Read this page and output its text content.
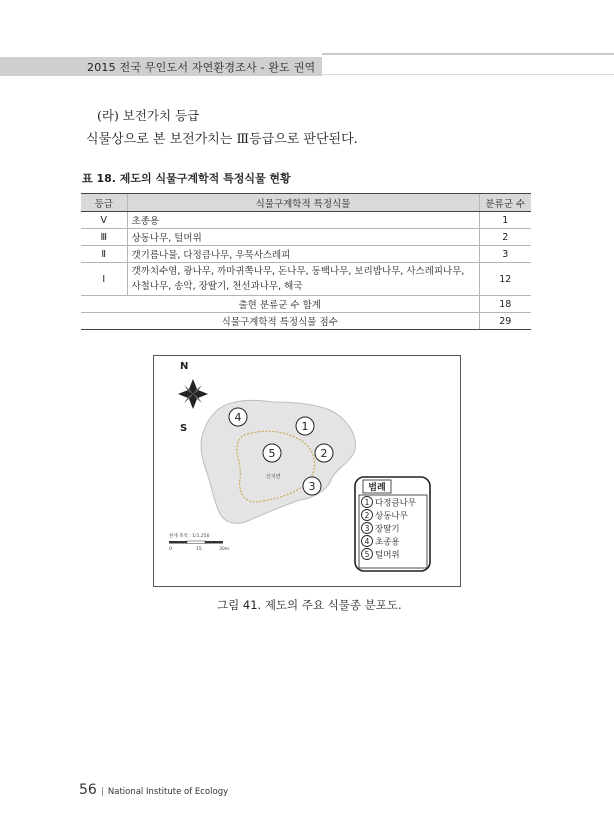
2015 전국 무인도서 자연환경조사 - 완도 권역
(라) 보전가치 등급
식물상으로 본 보전가치는 Ⅲ등급으로 판단된다.
표 18. 제도의 식물구계학적 특정식물 현황
등급	식물구계학적 특정식물	분류군 수
Ⅴ	초종용	1
Ⅲ	상동나무, 털머위	2
Ⅱ	갯기름나물, 다정큼나무, 우묵사스레피	3
Ⅰ	갯까치수염, 광나무, 까마귀쪽나무, 돈나무, 동백나무, 보리밥나무, 사스레피나무,
사철나무, 송악, 장딸기, 천선과나무, 해국	12
출현 분류군 수 합계		18
식물구계학적 특정식물 점수		29
N
S
산지면
4
1
5	2
3
현재 축척 : 1/1,250
0	15	30m
범례
1 다정큼나무
2 상동나무
3 장딸기
4 초종용
5 털머위
그림 41. 제도의 주요 식물종 분포도.
56 | National Institute of Ecology
